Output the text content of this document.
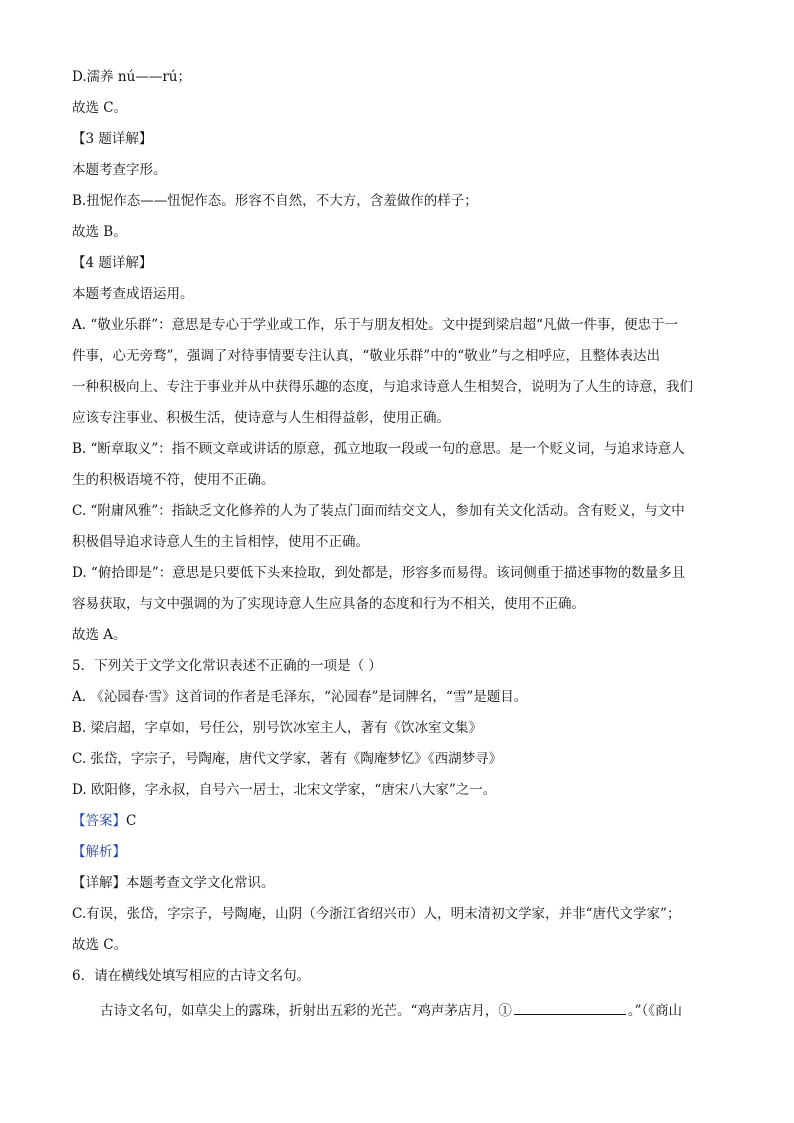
D.濡养 nú——rú；
故选 C。
【3 题详解】
本题考查字形。
B.扭怩作态——忸怩作态。形容不自然，不大方，含羞做作的样子；
故选 B。
【4 题详解】
本题考查成语运用。
A. “敬业乐群”：意思是专心于学业或工作，乐于与朋友相处。文中提到梁启超“凡做一件事，便忠于一
件事，心无旁骛”，强调了对待事情要专注认真，“敬业乐群”中的“敬业”与之相呼应，且整体表达出
一种积极向上、专注于事业并从中获得乐趣的态度，与追求诗意人生相契合，说明为了人生的诗意，我们
应该专注事业、积极生活，使诗意与人生相得益彰，使用正确。
B. “断章取义”：指不顾文章或讲话的原意，孤立地取一段或一句的意思。是一个贬义词，与追求诗意人
生的积极语境不符，使用不正确。
C. “附庸风雅”：指缺乏文化修养的人为了装点门面而结交文人，参加有关文化活动。含有贬义，与文中
积极倡导追求诗意人生的主旨相悖，使用不正确。
D. “俯拾即是”：意思是只要低下头来捡取，到处都是，形容多而易得。该词侧重于描述事物的数量多且
容易获取，与文中强调的为了实现诗意人生应具备的态度和行为不相关，使用不正确。
故选 A。
5．下列关于文学文化常识表述不正确的一项是（ ）
A. 《沁园春·雪》这首词的作者是毛泽东，“沁园春”是词牌名，“雪”是题目。
B. 梁启超，字卓如，号任公，别号饮冰室主人，著有《饮冰室文集》
C. 张岱，字宗子，号陶庵，唐代文学家，著有《陶庵梦忆》《西湖梦寻》
D. 欧阳修，字永叔，自号六一居士，北宋文学家，“唐宋八大家”之一。
【答案】C
【解析】
【详解】本题考查文学文化常识。
C.有误，张岱，字宗子，号陶庵，山阴（今浙江省绍兴市）人，明末清初文学家，并非“唐代文学家”；
故选 C。
6．请在横线处填写相应的古诗文名句。
古诗文名句，如草尖上的露珠，折射出五彩的光芒。“鸡声茅店月，①	。”（《商山
